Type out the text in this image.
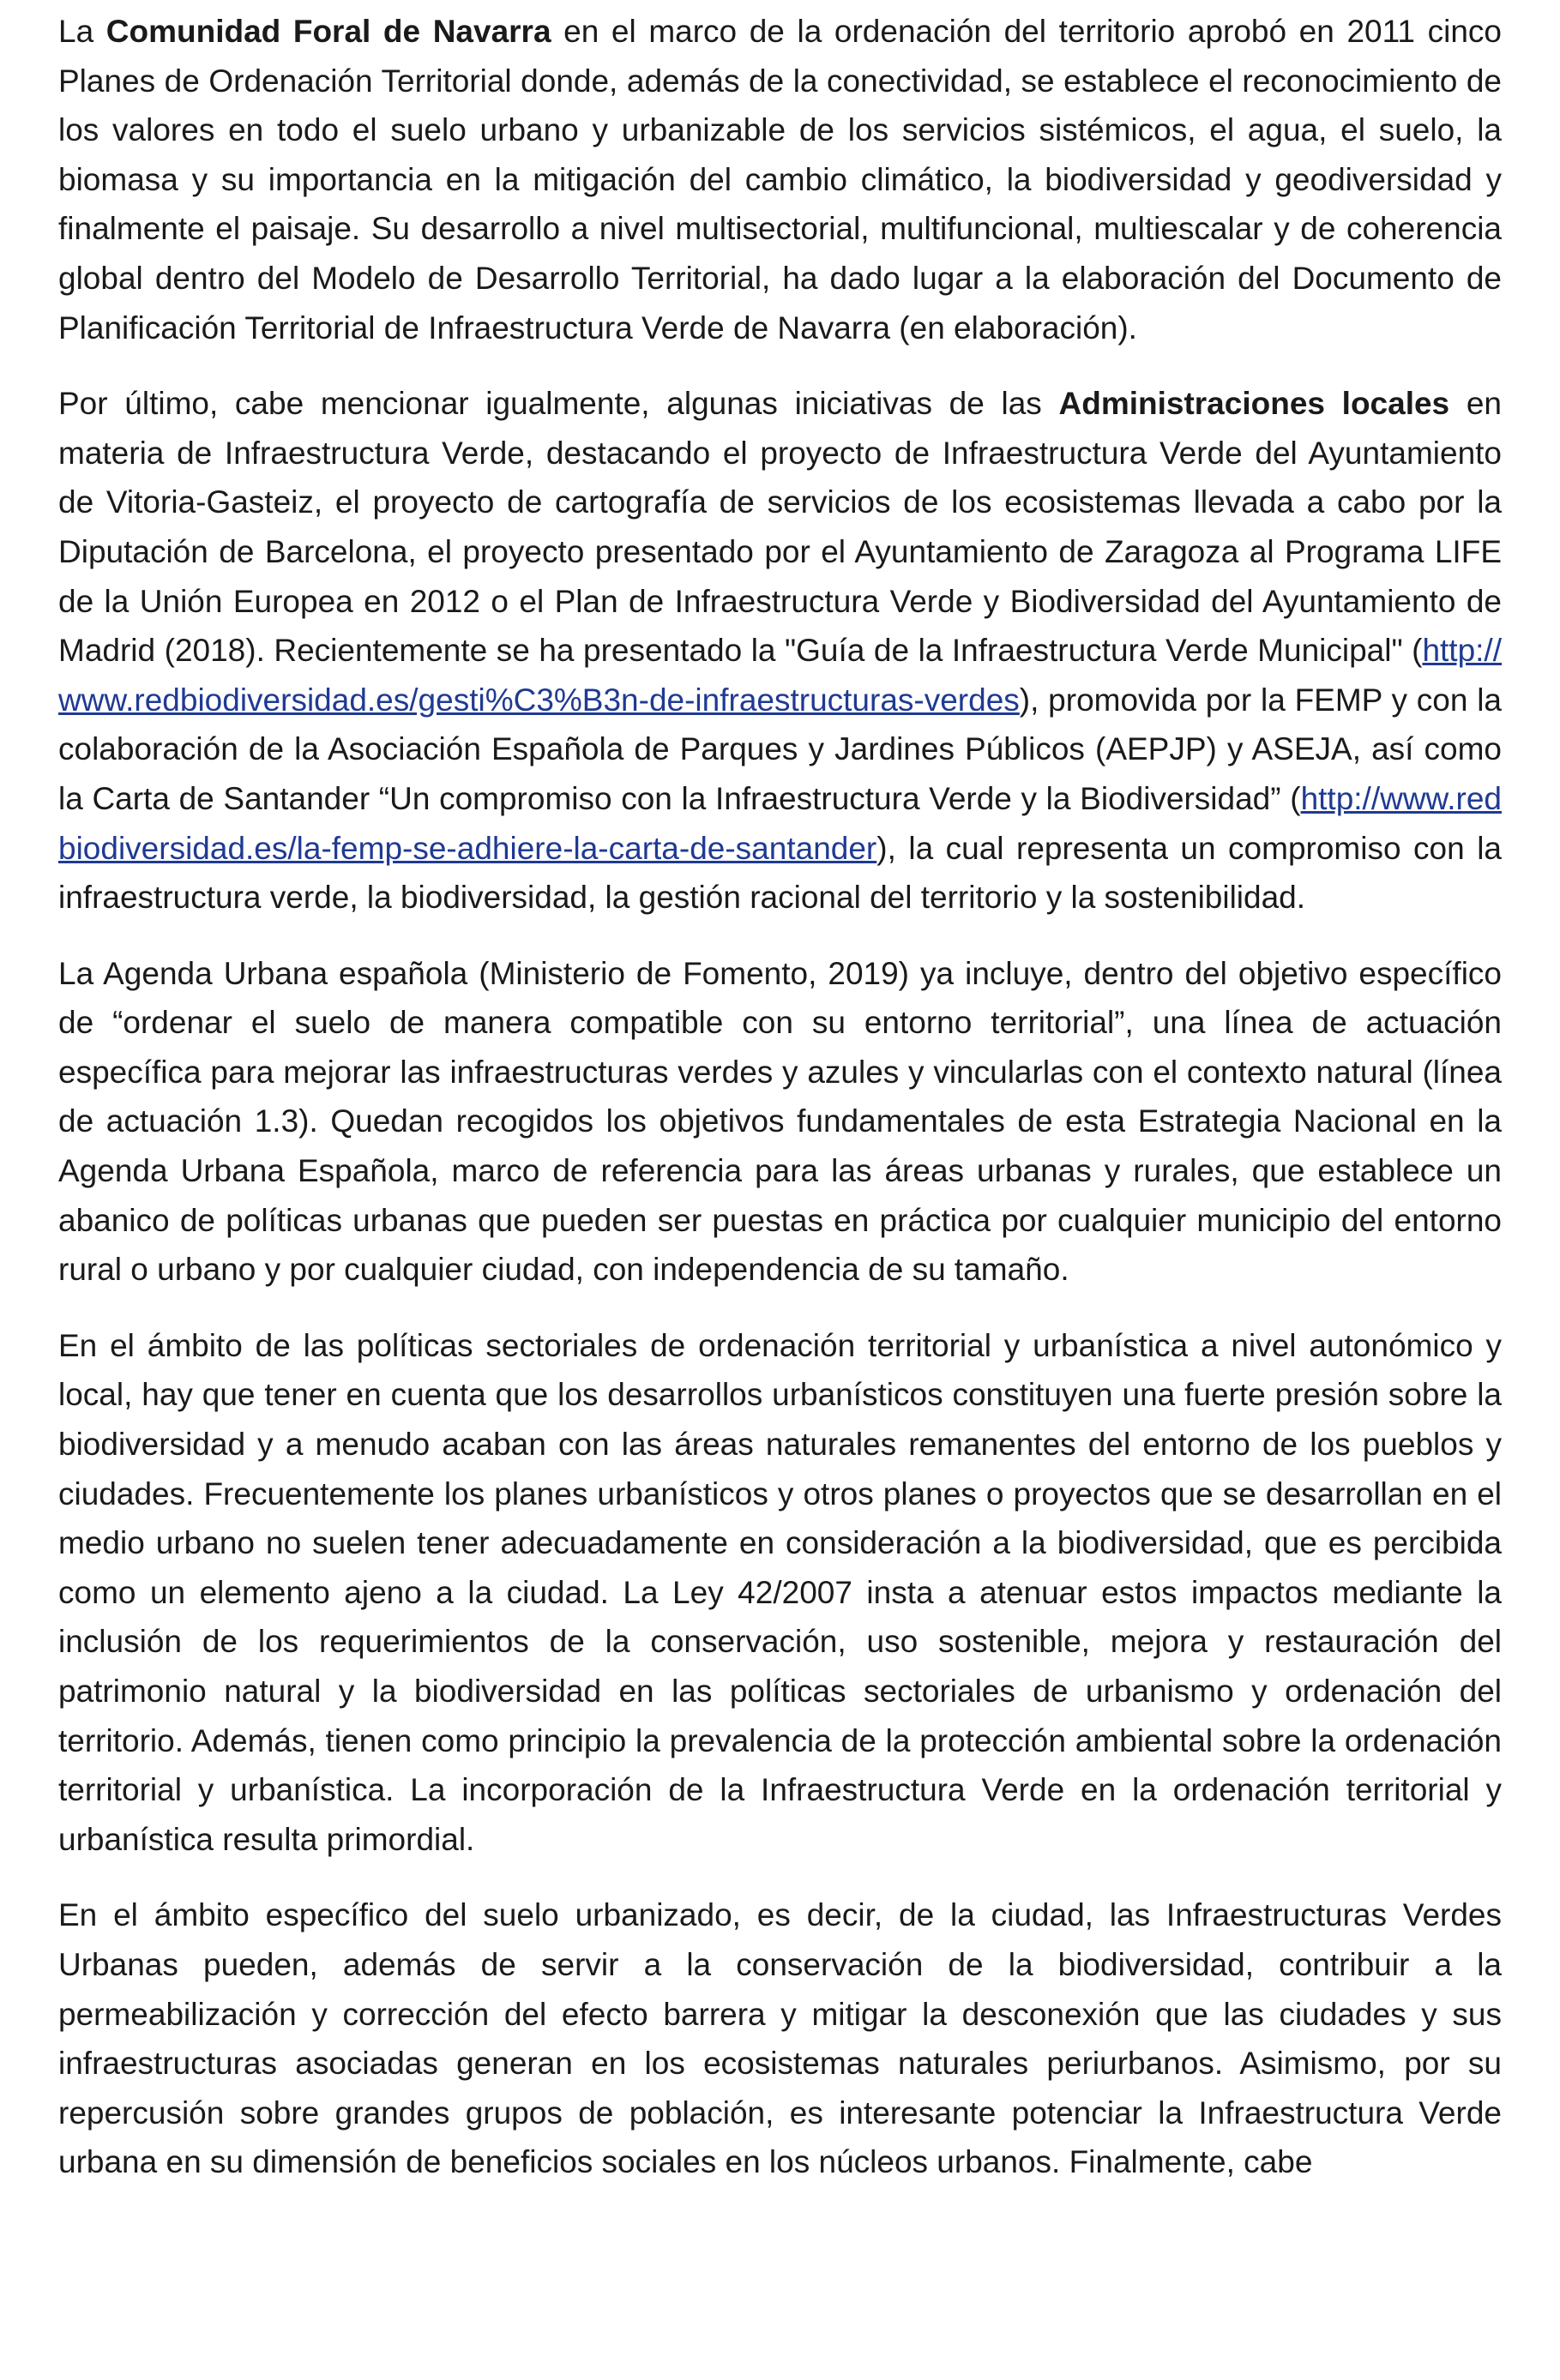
La Comunidad Foral de Navarra en el marco de la ordenación del territorio aprobó en 2011 cinco Planes de Ordenación Territorial donde, además de la conectividad, se establece el reconocimiento de los valores en todo el suelo urbano y urbanizable de los servicios sistémicos, el agua, el suelo, la biomasa y su importancia en la mitigación del cambio climático, la biodiversidad y geodiversidad y finalmente el paisaje. Su desarrollo a nivel multisectorial, multifuncional, multiescalar y de coherencia global dentro del Modelo de Desarrollo Territorial, ha dado lugar a la elaboración del Documento de Planificación Territorial de Infraestructura Verde de Navarra (en elaboración).

Por último, cabe mencionar igualmente, algunas iniciativas de las Administraciones locales en materia de Infraestructura Verde, destacando el proyecto de Infraestructura Verde del Ayuntamiento de Vitoria-Gasteiz, el proyecto de cartografía de servicios de los ecosistemas llevada a cabo por la Diputación de Barcelona, el proyecto presentado por el Ayuntamiento de Zaragoza al Programa LIFE de la Unión Europea en 2012 o el Plan de Infraestructura Verde y Biodiversidad del Ayuntamiento de Madrid (2018). Recientemente se ha presentado la "Guía de la Infraestructura Verde Municipal" (http://www.redbiodiversidad.es/gesti%C3%B3n-de-infraestructuras-verdes), promovida por la FEMP y con la colaboración de la Asociación Española de Parques y Jardines Públicos (AEPJP) y ASEJA, así como la Carta de Santander “Un compromiso con la Infraestructura Verde y la Biodiversidad” (http://www.redbiodiversidad.es/la-femp-se-adhiere-la-carta-de-santander), la cual representa un compromiso con la infraestructura verde, la biodiversidad, la gestión racional del territorio y la sostenibilidad.

La Agenda Urbana española (Ministerio de Fomento, 2019) ya incluye, dentro del objetivo específico de “ordenar el suelo de manera compatible con su entorno territorial”, una línea de actuación específica para mejorar las infraestructuras verdes y azules y vincularlas con el contexto natural (línea de actuación 1.3). Quedan recogidos los objetivos fundamentales de esta Estrategia Nacional en la Agenda Urbana Española, marco de referencia para las áreas urbanas y rurales, que establece un abanico de políticas urbanas que pueden ser puestas en práctica por cualquier municipio del entorno rural o urbano y por cualquier ciudad, con independencia de su tamaño.

En el ámbito de las políticas sectoriales de ordenación territorial y urbanística a nivel autonómico y local, hay que tener en cuenta que los desarrollos urbanísticos constituyen una fuerte presión sobre la biodiversidad y a menudo acaban con las áreas naturales remanentes del entorno de los pueblos y ciudades. Frecuentemente los planes urbanísticos y otros planes o proyectos que se desarrollan en el medio urbano no suelen tener adecuadamente en consideración a la biodiversidad, que es percibida como un elemento ajeno a la ciudad. La Ley 42/2007 insta a atenuar estos impactos mediante la inclusión de los requerimientos de la conservación, uso sostenible, mejora y restauración del patrimonio natural y la biodiversidad en las políticas sectoriales de urbanismo y ordenación del territorio. Además, tienen como principio la prevalencia de la protección ambiental sobre la ordenación territorial y urbanística. La incorporación de la Infraestructura Verde en la ordenación territorial y urbanística resulta primordial.

En el ámbito específico del suelo urbanizado, es decir, de la ciudad, las Infraestructuras Verdes Urbanas pueden, además de servir a la conservación de la biodiversidad, contribuir a la permeabilización y corrección del efecto barrera y mitigar la desconexión que las ciudades y sus infraestructuras asociadas generan en los ecosistemas naturales periurbanos. Asimismo, por su repercusión sobre grandes grupos de población, es interesante potenciar la Infraestructura Verde urbana en su dimensión de beneficios sociales en los núcleos urbanos. Finalmente, cabe
